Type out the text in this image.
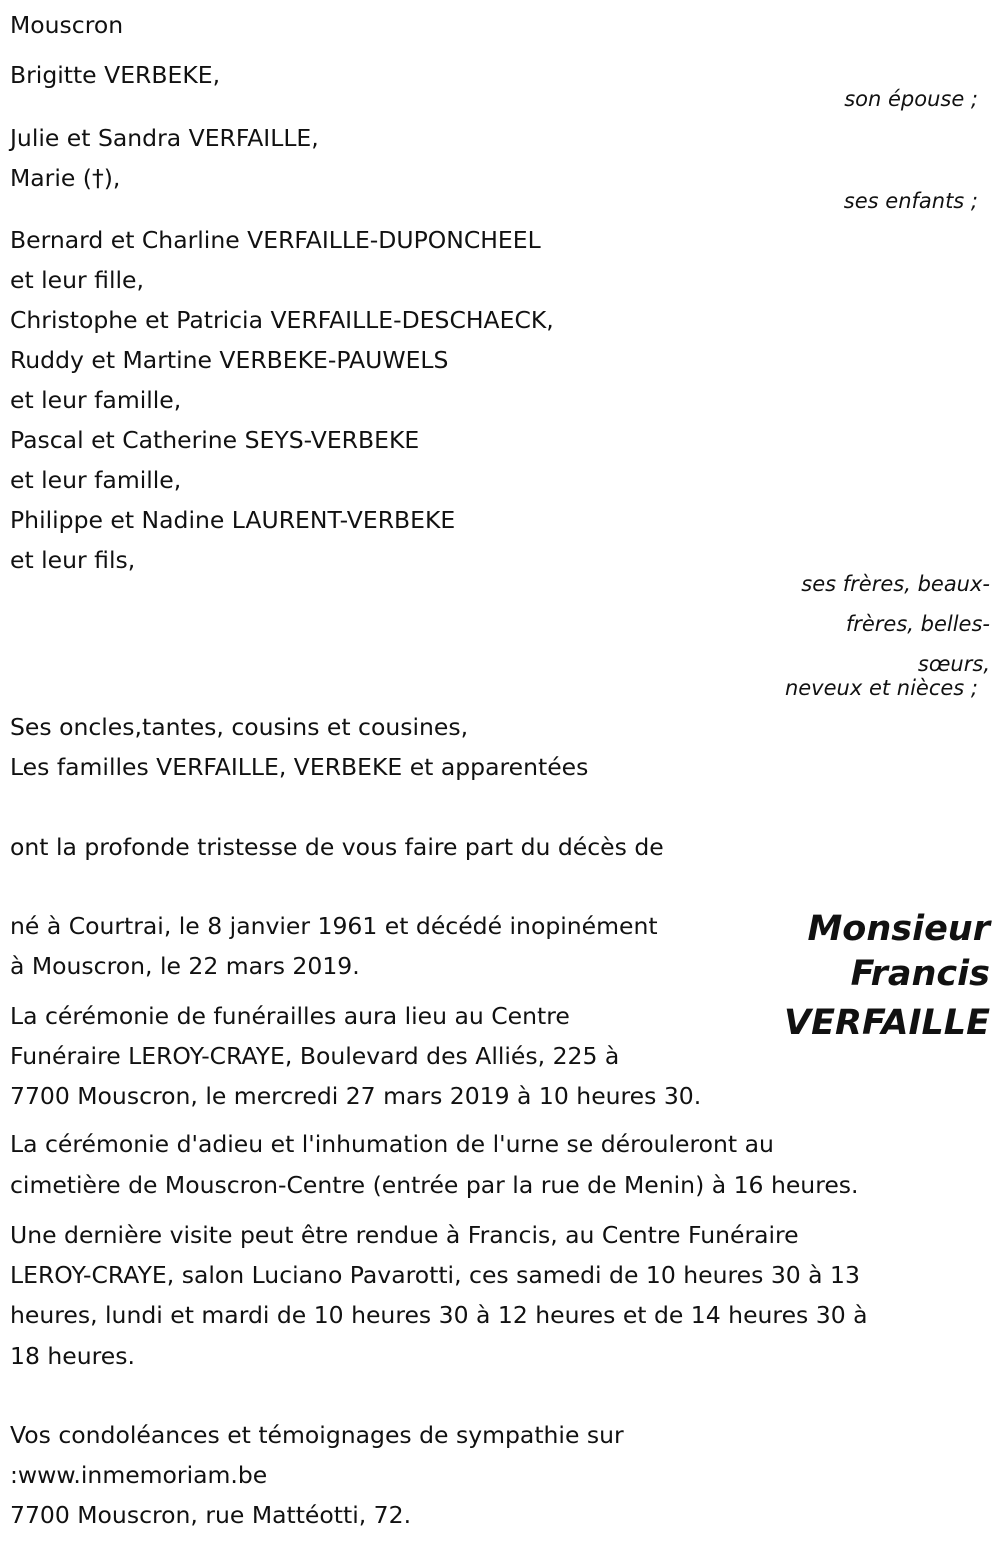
Mouscron
Brigitte VERBEKE,
son épouse ;
Julie et Sandra VERFAILLE,
Marie (†),
ses enfants ;
Bernard et Charline VERFAILLE-DUPONCHEEL
et leur fille,
Christophe et Patricia VERFAILLE-DESCHAECK,
Ruddy et Martine VERBEKE-PAUWELS
et leur famille,
Pascal et Catherine SEYS-VERBEKE
et leur famille,
Philippe et Nadine LAURENT-VERBEKE
et leur fils,
ses frères, beaux-
frères, belles-
sœurs,
neveux et nièces ;
Ses oncles,tantes, cousins et cousines,
Les familles VERFAILLE, VERBEKE et apparentées
ont la profonde tristesse de vous faire part du décès de
Monsieur
Francis
VERFAILLE
né à Courtrai, le 8 janvier 1961 et décédé inopinément
à Mouscron, le 22 mars 2019.
La cérémonie de funérailles aura lieu au Centre
Funéraire LEROY-CRAYE, Boulevard des Alliés, 225 à
7700 Mouscron, le mercredi 27 mars 2019 à 10 heures 30.
La cérémonie d'adieu et l'inhumation de l'urne se dérouleront au
cimetière de Mouscron-Centre (entrée par la rue de Menin) à 16 heures.
Une dernière visite peut être rendue à Francis, au Centre Funéraire
LEROY-CRAYE, salon Luciano Pavarotti, ces samedi de 10 heures 30 à 13
heures, lundi et mardi de 10 heures 30 à 12 heures et de 14 heures 30 à
18 heures.
Vos condoléances et témoignages de sympathie sur
:www.inmemoriam.be
7700 Mouscron, rue Mattéotti, 72.
